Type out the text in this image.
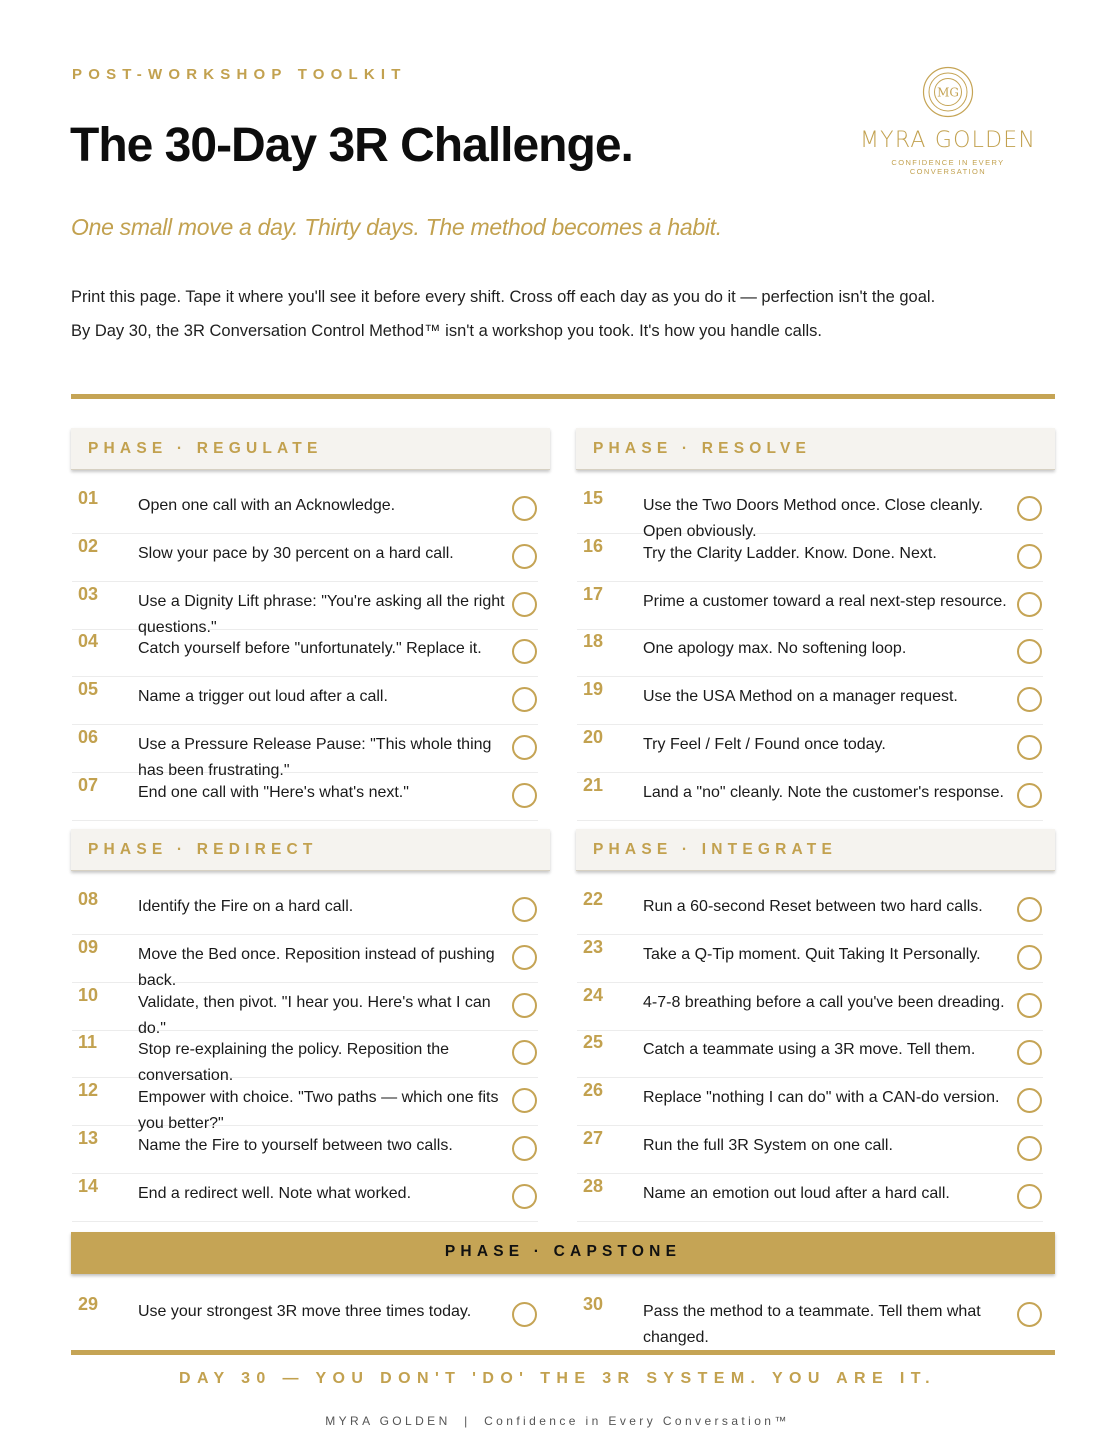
POST-WORKSHOP TOOLKIT
The 30-Day 3R Challenge.
One small move a day. Thirty days. The method becomes a habit.

Print this page. Tape it where you'll see it before every shift. Cross off each day as you do it — perfection isn't the goal.

By Day 30, the 3R Conversation Control Method™ isn't a workshop you took. It's how you handle calls.

MG
MYRA GOLDEN
CONFIDENCE IN EVERY CONVERSATION
PHASE · REGULATE	PHASE · RESOLVE
PHASE · REDIRECT	PHASE · INTEGRATE
PHASE · CAPSTONE
01 Open one call with an Acknowledge.
02 Slow your pace by 30 percent on a hard call.
03 Use a Dignity Lift phrase: "You're asking all the right questions."
04 Catch yourself before "unfortunately." Replace it.
05 Name a trigger out loud after a call.
06 Use a Pressure Release Pause: "This whole thing has been frustrating."
07 End one call with "Here's what's next."
15 Use the Two Doors Method once. Close cleanly. Open obviously.
16 Try the Clarity Ladder. Know. Done. Next.
17 Prime a customer toward a real next-step resource.
18 One apology max. No softening loop.
19 Use the USA Method on a manager request.
20 Try Feel / Felt / Found once today.
21 Land a "no" cleanly. Note the customer's response.
08 Identify the Fire on a hard call.
09 Move the Bed once. Reposition instead of pushing back.
10 Validate, then pivot. "I hear you. Here's what I can do."
11	Stop re-explaining the policy. Reposition the conversation.
12 Empower with choice. "Two paths — which one fits you better?"
13 Name the Fire to yourself between two calls.
14 End a redirect well. Note what worked.
22 Run a 60-second Reset between two hard calls.
23 Take a Q-Tip moment. Quit Taking It Personally.
24 4-7-8 breathing before a call you've been dreading.
25 Catch a teammate using a 3R move. Tell them.
26 Replace "nothing I can do" with a CAN-do version.
27 Run the full 3R System on one call.
28 Name an emotion out loud after a hard call.
29 Use your strongest 3R move three times today.	30 Pass the method to a teammate. Tell them what changed.
DAY 30 — YOU DON'T 'DO' THE 3R SYSTEM. YOU ARE IT.
MYRA GOLDEN  |  Confidence in Every Conversation™
